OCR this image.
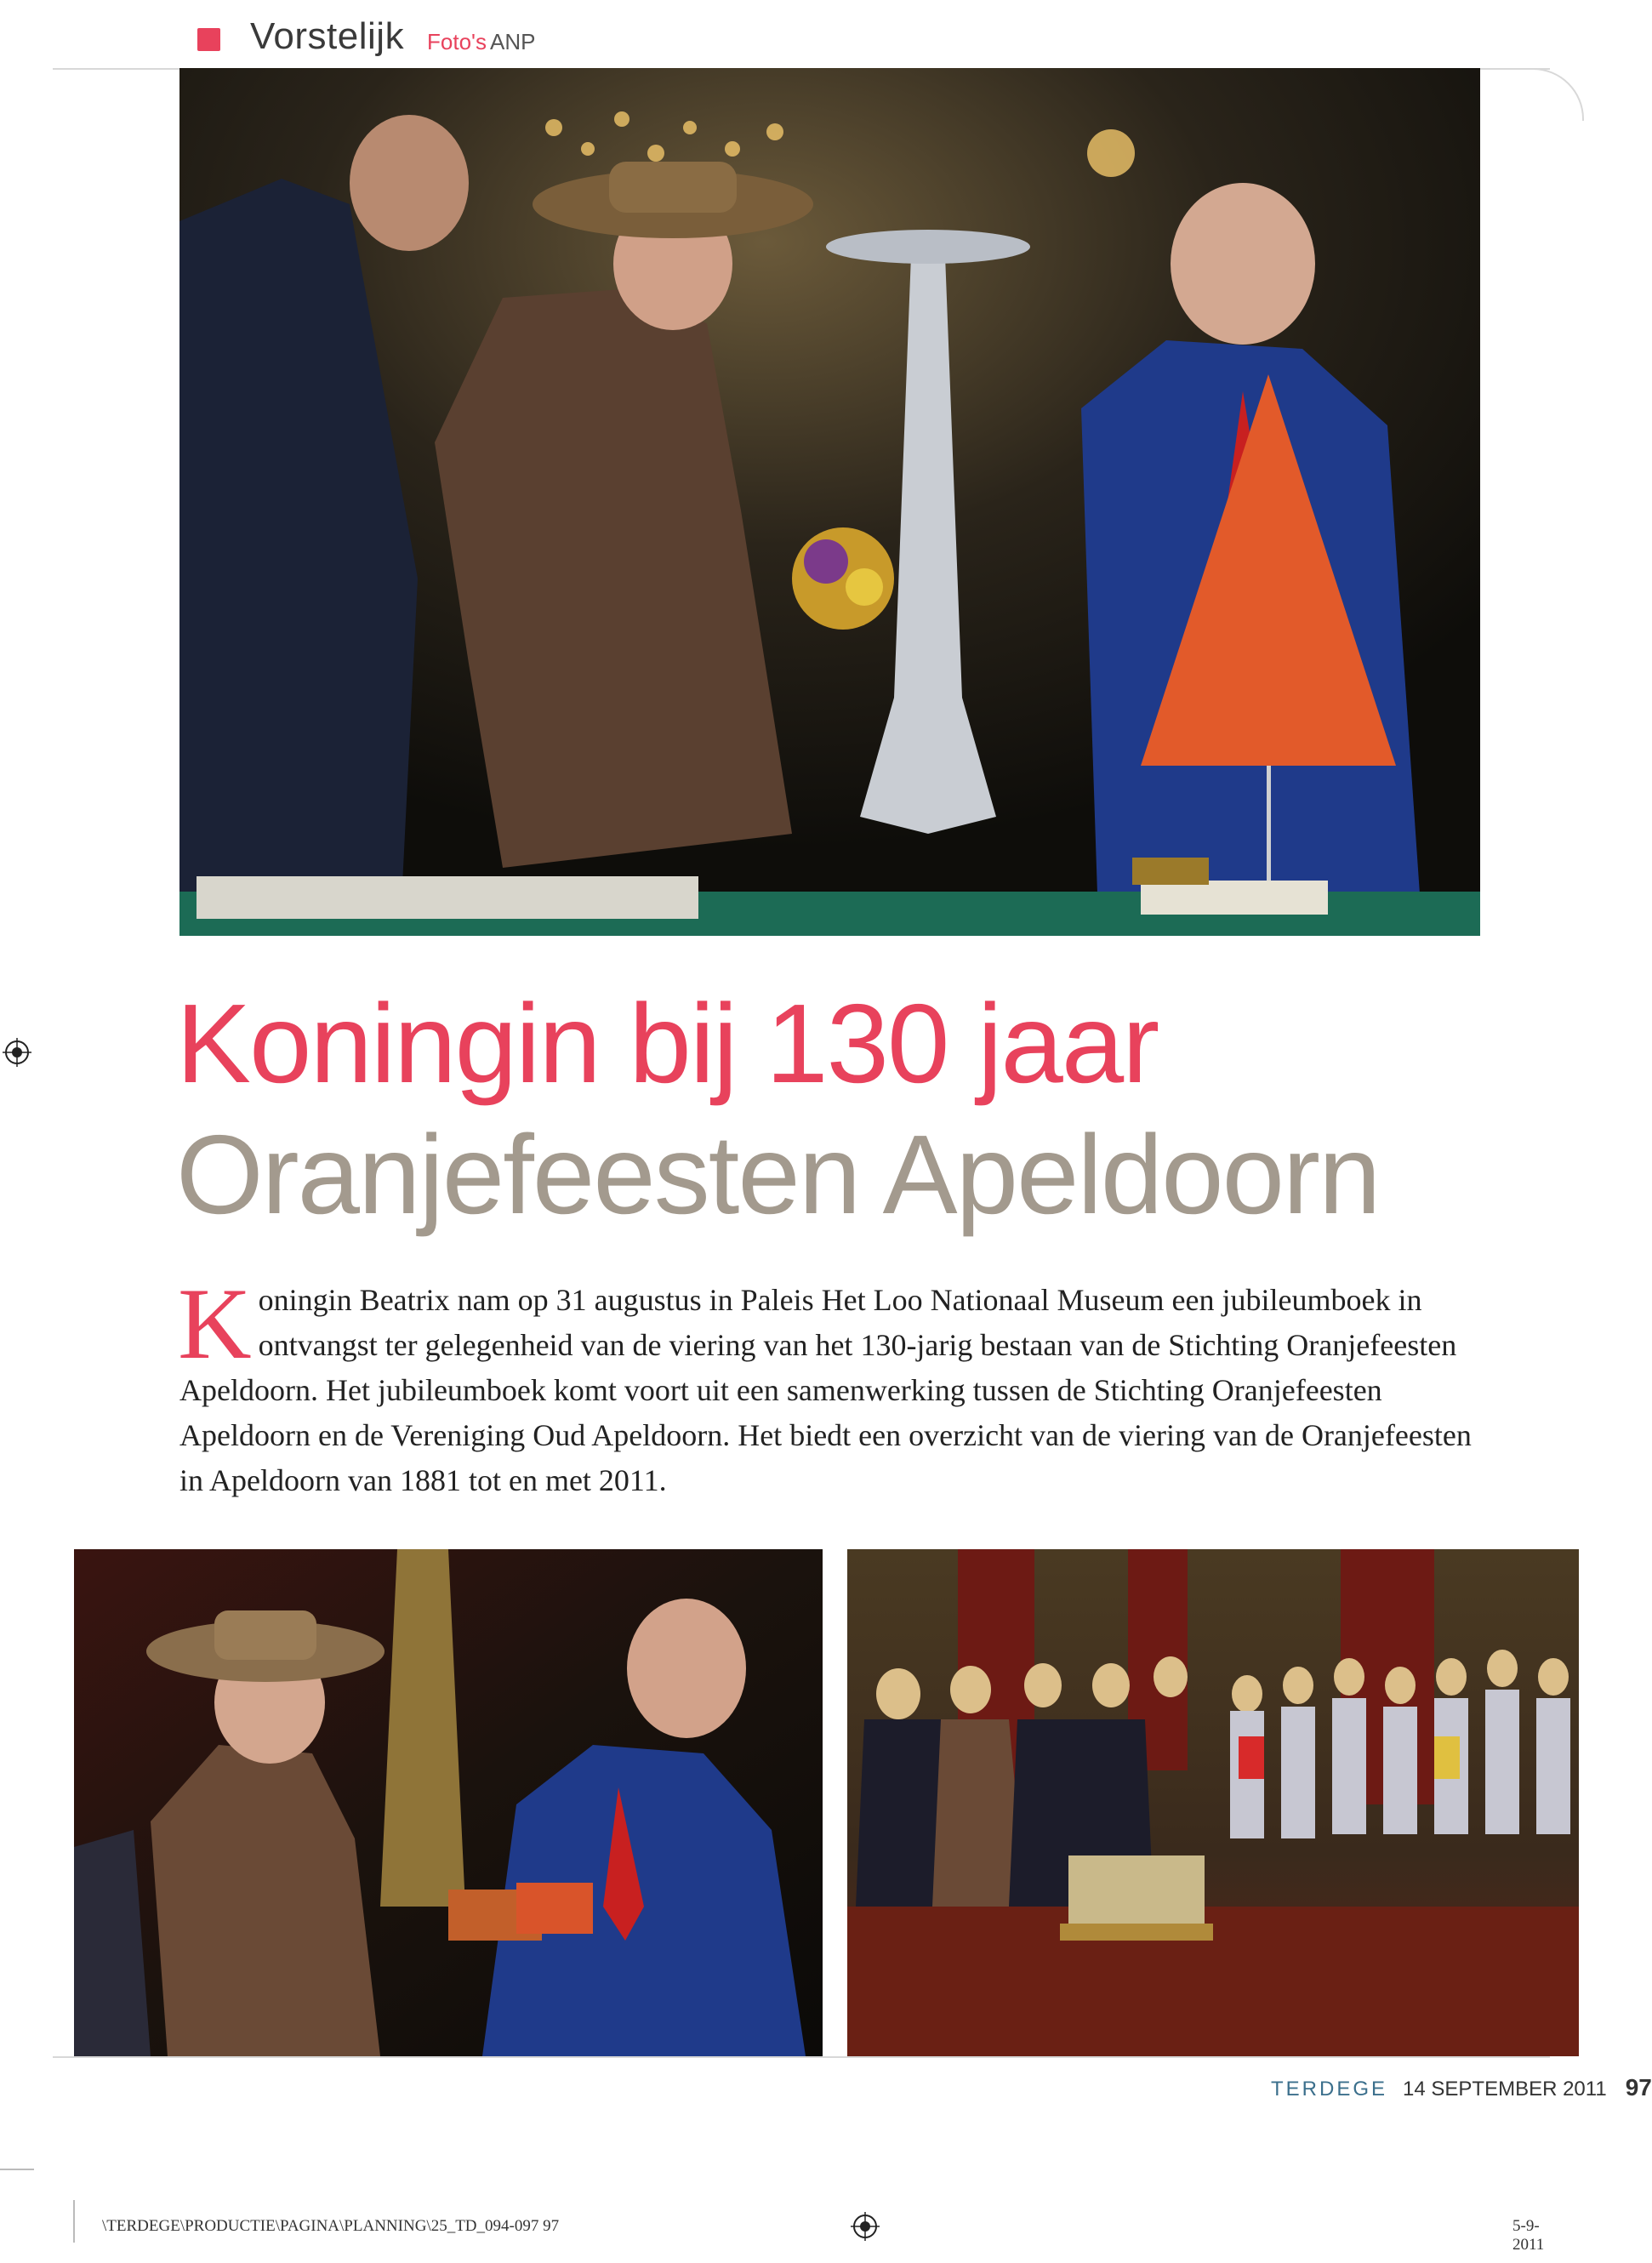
Vorstelijk Foto's ANP
Koningin bij 130 jaar
Oranjefeesten Apeldoorn

Koningin Beatrix nam op 31 augustus in Paleis Het Loo Nationaal Museum een jubileumboek in ontvangst ter gelegenheid van de viering van het 130-jarig bestaan van de Stichting Oranjefeesten Apeldoorn. Het jubileumboek komt voort uit een samenwerking tussen de Stichting Oranjefeesten Apeldoorn en de Vereniging Oud Apeldoorn. Het biedt een overzicht van de viering van de Oranjefeesten in Apeldoorn van 1881 tot en met 2011.

TERDEGE 14 SEPTEMBER 2011 97
\TERDEGE\PRODUCTIE\PAGINA\PLANNING\25_TD_094-097 97	5-9-2011
